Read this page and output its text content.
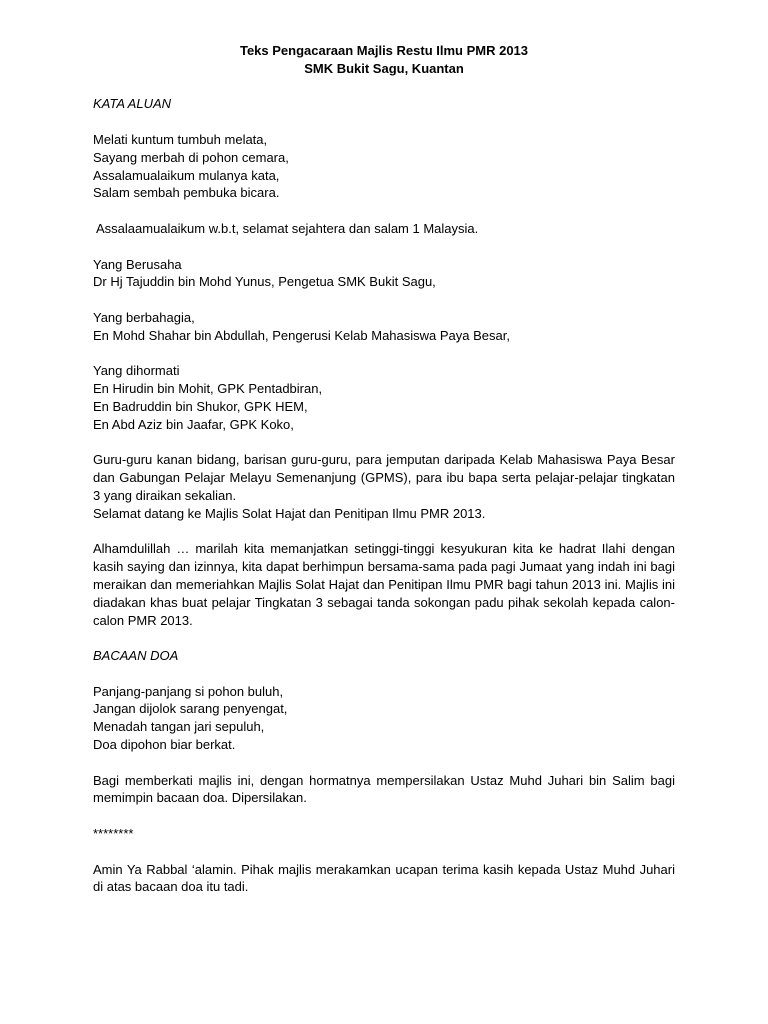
Teks Pengacaraan Majlis Restu Ilmu PMR 2013

SMK Bukit Sagu, Kuantan

KATA ALUAN

Melati kuntum tumbuh melata,

Sayang merbah di pohon cemara,

Assalamualaikum mulanya kata,

Salam sembah pembuka bicara.

Assalaamualaikum w.b.t, selamat sejahtera dan salam 1 Malaysia.

Yang Berusaha

Dr Hj Tajuddin bin Mohd Yunus, Pengetua SMK Bukit Sagu,

Yang berbahagia,

En Mohd Shahar bin Abdullah, Pengerusi Kelab Mahasiswa Paya Besar,

Yang dihormati

En Hirudin bin Mohit, GPK Pentadbiran,

En Badruddin bin Shukor, GPK HEM,

En Abd Aziz bin Jaafar, GPK Koko,

Guru-guru kanan bidang, barisan guru-guru, para jemputan daripada Kelab Mahasiswa Paya Besar dan Gabungan Pelajar Melayu Semenanjung (GPMS), para ibu bapa serta pelajar-pelajar tingkatan 3 yang diraikan sekalian.

Selamat datang ke Majlis Solat Hajat dan Penitipan Ilmu PMR 2013.

Alhamdulillah … marilah kita memanjatkan setinggi-tinggi kesyukuran kita ke hadrat Ilahi dengan kasih saying dan izinnya, kita dapat berhimpun bersama-sama pada pagi Jumaat yang indah ini bagi meraikan dan memeriahkan Majlis Solat Hajat dan Penitipan Ilmu PMR bagi tahun 2013 ini. Majlis ini diadakan khas buat pelajar Tingkatan 3 sebagai tanda sokongan padu pihak sekolah kepada calon-calon PMR 2013.

BACAAN DOA

Panjang-panjang si pohon buluh,

Jangan dijolok sarang penyengat,

Menadah tangan jari sepuluh,

Doa dipohon biar berkat.

Bagi memberkati majlis ini, dengan hormatnya mempersilakan Ustaz Muhd Juhari bin Salim bagi memimpin bacaan doa. Dipersilakan.

********

Amin Ya Rabbal ‘alamin. Pihak majlis merakamkan ucapan terima kasih kepada Ustaz Muhd Juhari di atas bacaan doa itu tadi.
